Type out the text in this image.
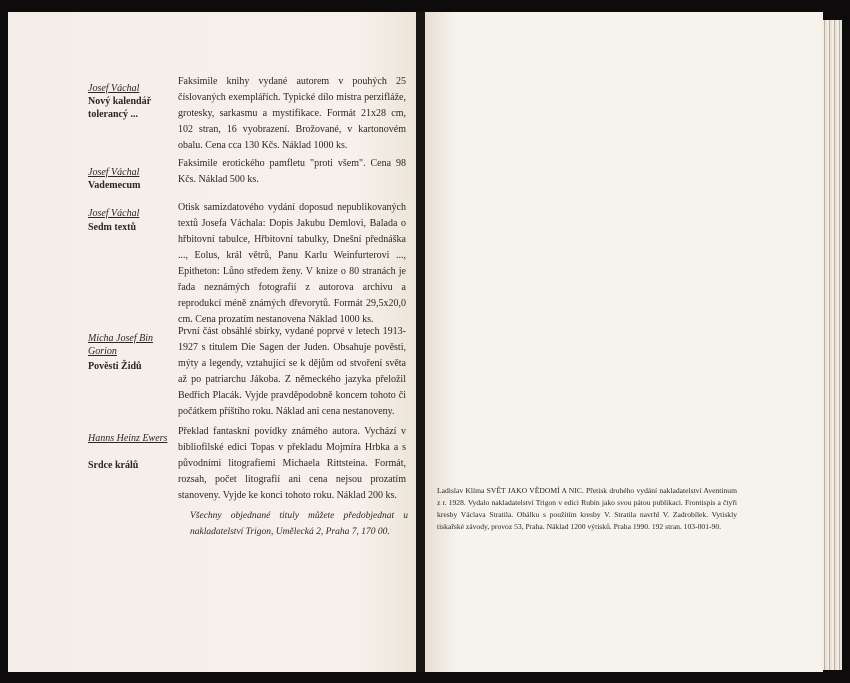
Josef Váchal
Nový kalendář tolerancý ...
Faksimile knihy vydané autorem v pouhých 25 číslovaných exemplářích. Typické dílo mistra perzifláže, grotesky, sarkasmu a mystifikace. Formát 21x28 cm, 102 stran, 16 vyobrazení. Brožované, v kartonovém obalu. Cena cca 130 Kčs. Náklad 1000 ks.
Josef Váchal
Vademecum
Faksimile erotického pamfletu "proti všem". Cena 98 Kčs. Náklad 500 ks.
Josef Váchal
Sedm textů
Otisk samizdatového vydání doposud nepublikovaných textů Josefa Váchala: Dopis Jakubu Demlovi, Balada o hřbitovní tabulce, Hřbitovní tabulky, Dnešní přednáška ..., Eolus, král větrů, Panu Karlu Weinfurterovi ..., Epitheton: Lůno středem ženy. V knize o 80 stranách je řada neznámých fotografií z autorova archivu a reprodukcí méně známých dřevorytů. Formát 29,5x20,0 cm. Cena prozatím nestanovena Náklad 1000 ks.
Micha Josef Bin Gorion
Pověsti Židů
První část obsáhlé sbírky, vydané poprvé v letech 1913-1927 s titulem Die Sagen der Juden. Obsahuje pověsti, mýty a legendy, vztahující se k dějům od stvoření světa až po patriarchu Jákoba. Z německého jazyka přeložil Bedřich Placák. Vyjde pravděpodobně koncem tohoto či počátkem příštího roku. Náklad ani cena nestanoveny.
Hanns Heinz Ewers
Srdce králů
Překlad fantaskní povídky známého autora. Vychází v bibliofilské edici Topas v překladu Mojmíra Hrbka a s původními litografiemi Michaela Rittsteina. Formát, rozsah, počet litografií ani cena nejsou prozatím stanoveny. Vyjde ke konci tohoto roku. Náklad 200 ks.
Všechny objednané tituly můžete předobjednat u nakladatelství Trigon, Umělecká 2, Praha 7, 170 00.
Ladislav Klíma SVĚT JAKO VĚDOMÍ A NIC. Přetisk druhého vydání nakladatelství Aventinum z r. 1928. Vydalo nakladatelství Trigon v edici Rubín jako svou pátou publikaci. Frontispis a čtyři kresby Václava Stratila. Obálku s použitím kresby V. Stratila navrhl V. Zadrobílek. Vytiskly tiskařské závody, provoz 53, Praha. Náklad 1200 výtisků. Praha 1990. 192 stran. 103-001-90.
